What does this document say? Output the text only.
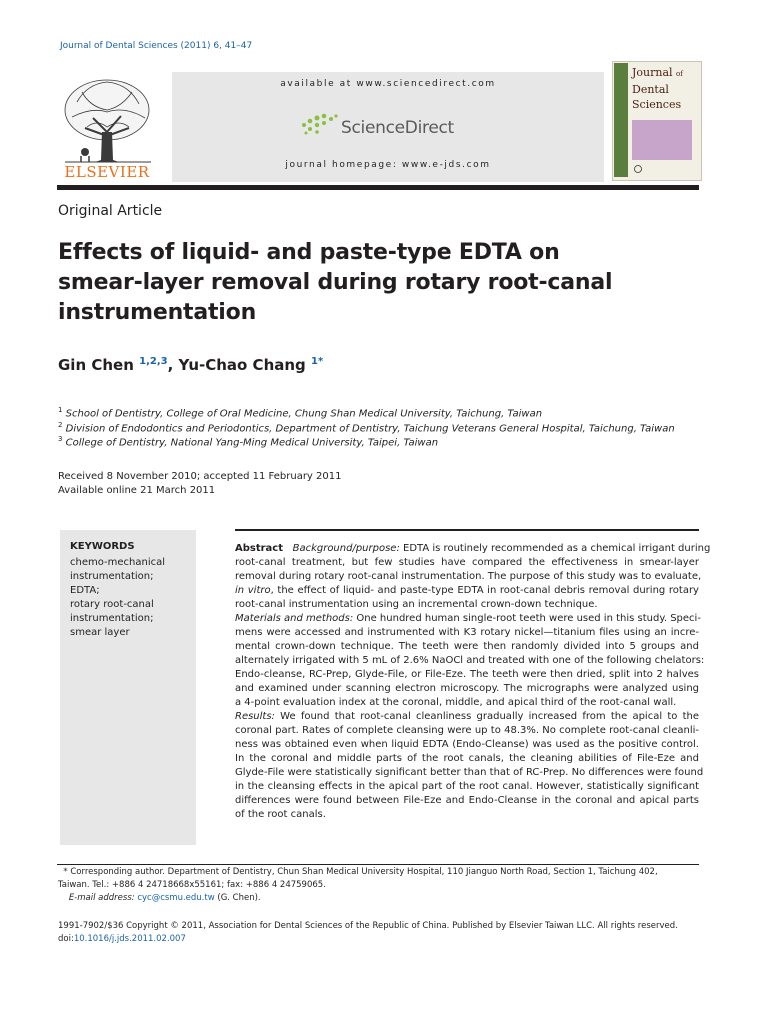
Journal of Dental Sciences (2011) 6, 41–47
ELSEVIER
available at www.sciencedirect.com
ScienceDirect
journal homepage: www.e-jds.com
Journal of
Dental
Sciences
Original Article
Effects of liquid- and paste-type EDTA on
smear-layer removal during rotary root-canal
instrumentation
Gin Chen $^{1,2,3}$, Yu-Chao Chang $^{1*}$
$^1$ School of Dentistry, College of Oral Medicine, Chung Shan Medical University, Taichung, Taiwan
$^2$ Division of Endodontics and Periodontics, Department of Dentistry, Taichung Veterans General Hospital, Taichung, Taiwan
$^3$ College of Dentistry, National Yang-Ming Medical University, Taipei, Taiwan
Received 8 November 2010; accepted 11 February 2011
Available online 21 March 2011
KEYWORDS
chemo-mechanical
instrumentation;
EDTA;
rotary root-canal
instrumentation;
smear layer
Abstract Background/purpose: EDTA is routinely recommended as a chemical irrigant during
root-canal treatment, but few studies have compared the effectiveness in smear-layer
removal during rotary root-canal instrumentation. The purpose of this study was to evaluate,
in vitro, the effect of liquid- and paste-type EDTA in root-canal debris removal during rotary
root-canal instrumentation using an incremental crown-down technique.
Materials and methods: One hundred human single-root teeth were used in this study. Speci-
mens were accessed and instrumented with K3 rotary nickel—titanium files using an incre-
mental crown-down technique. The teeth were then randomly divided into 5 groups and
alternately irrigated with 5 mL of 2.6% NaOCl and treated with one of the following chelators:
Endo-cleanse, RC-Prep, Glyde-File, or File-Eze. The teeth were then dried, split into 2 halves
and examined under scanning electron microscopy. The micrographs were analyzed using
a 4-point evaluation index at the coronal, middle, and apical third of the root-canal wall.
Results: We found that root-canal cleanliness gradually increased from the apical to the
coronal part. Rates of complete cleansing were up to 48.3%. No complete root-canal cleanli-
ness was obtained even when liquid EDTA (Endo-Cleanse) was used as the positive control.
In the coronal and middle parts of the root canals, the cleaning abilities of File-Eze and
Glyde-File were statistically significant better than that of RC-Prep. No differences were found
in the cleansing effects in the apical part of the root canal. However, statistically significant
differences were found between File-Eze and Endo-Cleanse in the coronal and apical parts
of the root canals.
* Corresponding author. Department of Dentistry, Chun Shan Medical University Hospital, 110 Jianguo North Road, Section 1, Taichung 402,
Taiwan. Tel.: +886 4 24718668x55161; fax: +886 4 24759065.
E-mail address: cyc@csmu.edu.tw (G. Chen).
1991-7902/$36 Copyright © 2011, Association for Dental Sciences of the Republic of China. Published by Elsevier Taiwan LLC. All rights reserved.
doi:10.1016/j.jds.2011.02.007
